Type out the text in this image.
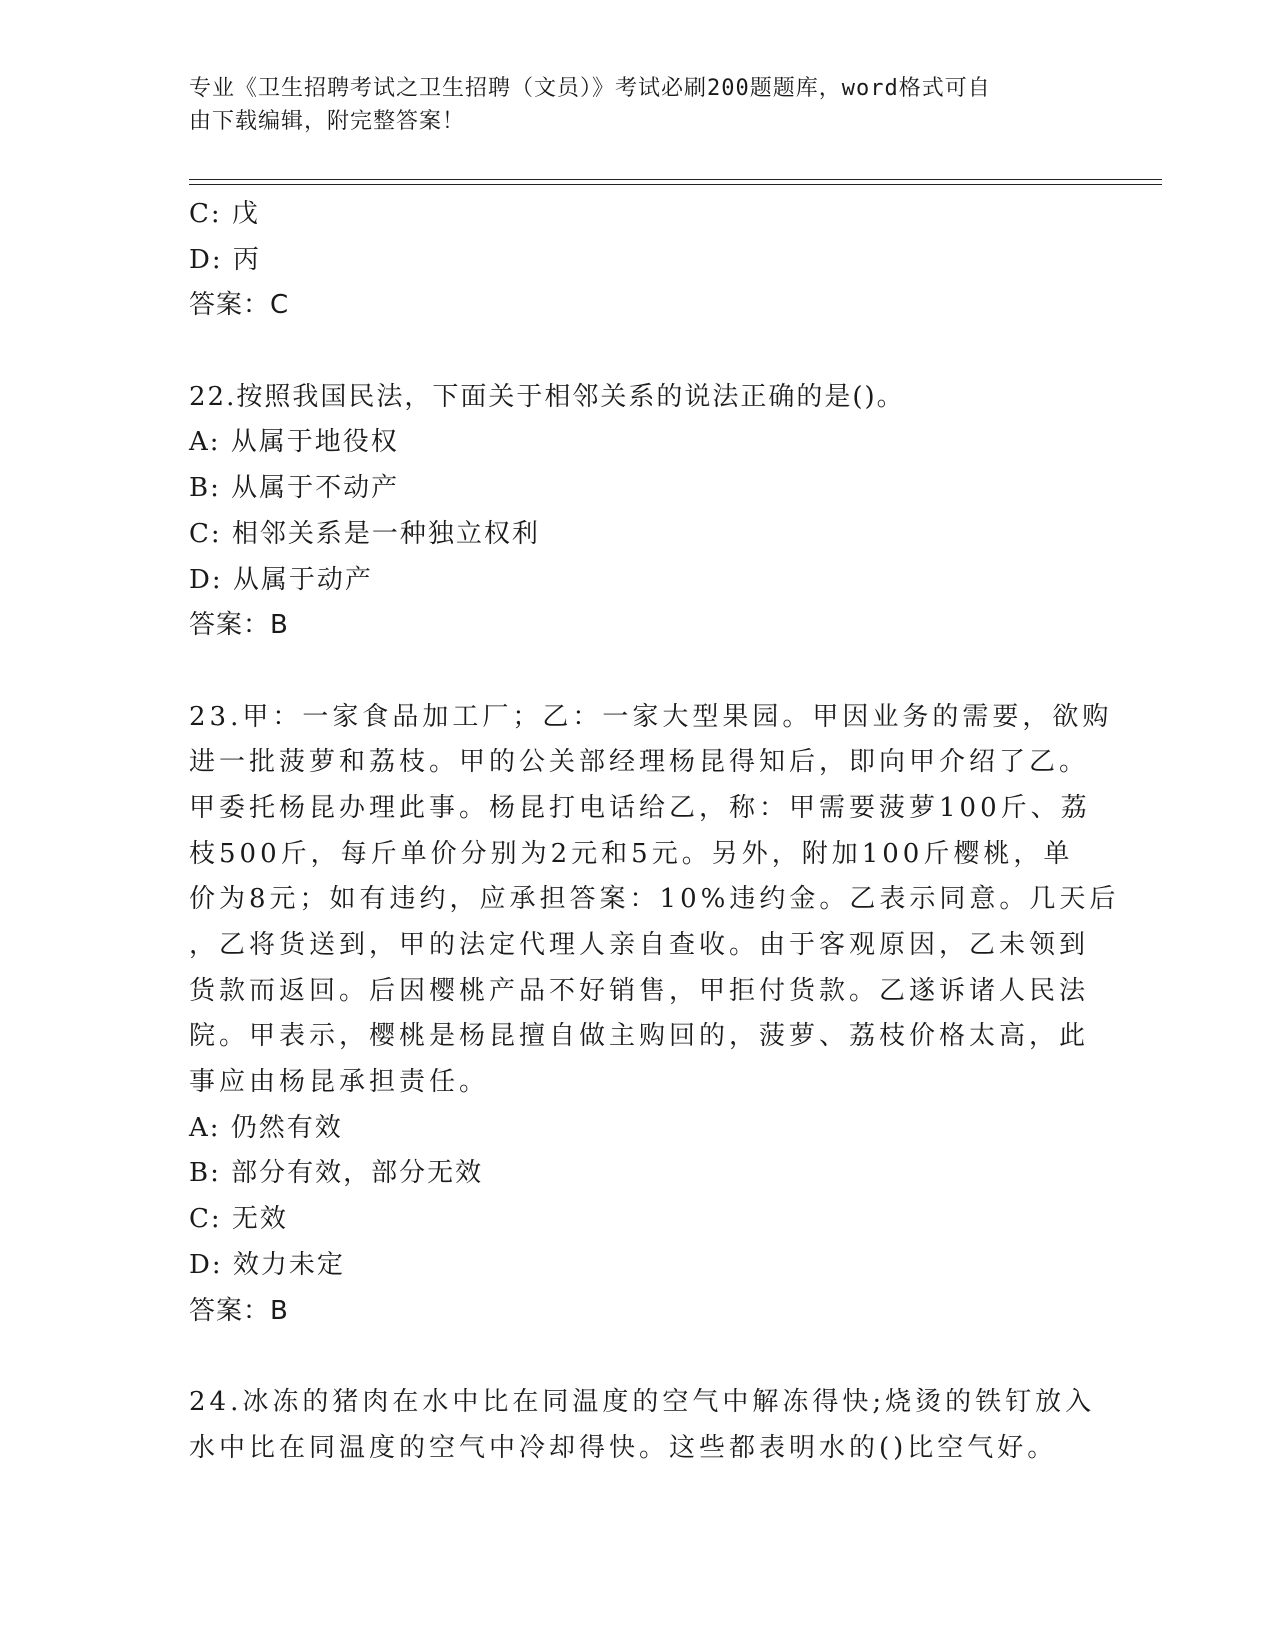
专业《卫生招聘考试之卫生招聘（文员）》考试必刷200题题库，word格式可自
由下载编辑，附完整答案！
C: 戊
D: 丙
答案：C
22.按照我国民法，下面关于相邻关系的说法正确的是()。
A: 从属于地役权
B: 从属于不动产
C: 相邻关系是一种独立权利
D: 从属于动产
答案：B
23.甲：一家食品加工厂；乙：一家大型果园。甲因业务的需要，欲购
进一批菠萝和荔枝。甲的公关部经理杨昆得知后，即向甲介绍了乙。
甲委托杨昆办理此事。杨昆打电话给乙，称：甲需要菠萝100斤、荔
枝500斤，每斤单价分别为2元和5元。另外，附加100斤樱桃，单
价为8元；如有违约，应承担答案：10%违约金。乙表示同意。几天后
，乙将货送到，甲的法定代理人亲自查收。由于客观原因，乙未领到
货款而返回。后因樱桃产品不好销售，甲拒付货款。乙遂诉诸人民法
院。甲表示，樱桃是杨昆擅自做主购回的，菠萝、荔枝价格太高，此
事应由杨昆承担责任。
A: 仍然有效
B: 部分有效，部分无效
C: 无效
D: 效力未定
答案：B
24.冰冻的猪肉在水中比在同温度的空气中解冻得快;烧烫的铁钉放入
水中比在同温度的空气中冷却得快。这些都表明水的()比空气好。
